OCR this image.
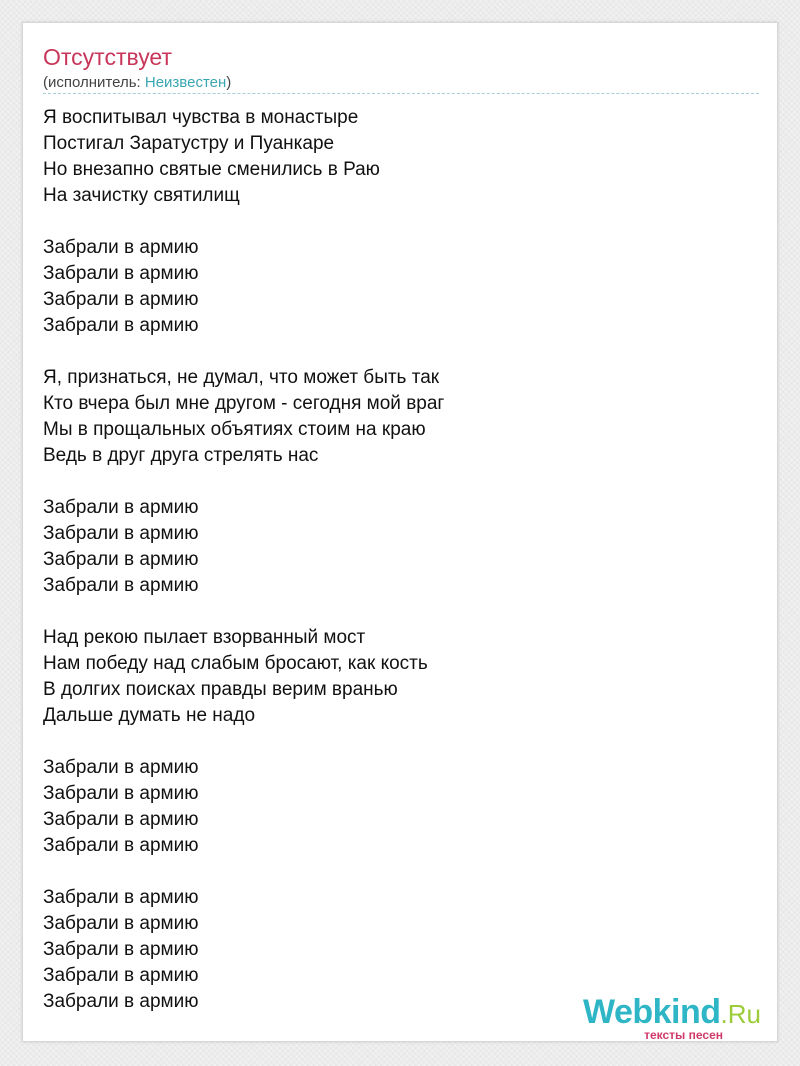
Отсутствует
(исполнитель: Неизвестен)
Я воспитывал чувства в монастыре
Постигал Заратустру и Пуанкаре
Но внезапно святые сменились в Раю
На зачистку святилищ
Забрали в армию
Забрали в армию
Забрали в армию
Забрали в армию
Я, признаться, не думал, что может быть так
Кто вчера был мне другом - сегодня мой враг
Мы в прощальных объятиях стоим на краю
Ведь в друг друга стрелять нас
Забрали в армию
Забрали в армию
Забрали в армию
Забрали в армию
Над рекою пылает взорванный мост
Нам победу над слабым бросают, как кость
В долгих поисках правды верим вранью
Дальше думать не надо
Забрали в армию
Забрали в армию
Забрали в армию
Забрали в армию
Забрали в армию
Забрали в армию
Забрали в армию
Забрали в армию
Забрали в армию	Webkind.Ru
тексты песен
